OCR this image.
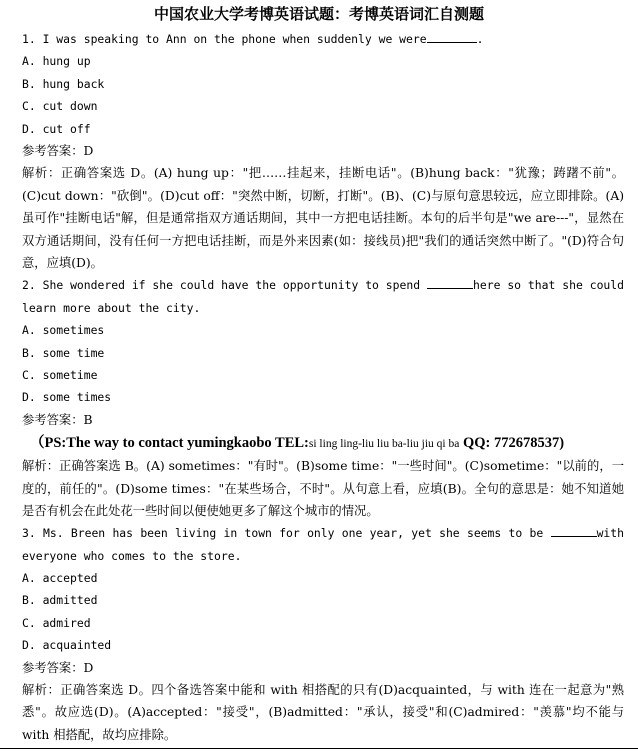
中国农业大学考博英语试题：考博英语词汇自测题
1. I was speaking to Ann on the phone when suddenly we were	.
A. hung up
B. hung back
C. cut down
D. cut off
参考答案：D
解析：正确答案选 D。(A) hung up："把……挂起来，挂断电话"。(B)hung back："犹豫；踌躇不前"。(C)cut down："砍倒"。(D)cut off："突然中断，切断，打断"。(B)、(C)与原句意思较远，应立即排除。(A)虽可作"挂断电话"解，但是通常指双方通话期间，其中一方把电话挂断。本句的后半句是"we are---"，显然在双方通话期间，没有任何一方把电话挂断，而是外来因素(如：接线员)把"我们的通话突然中断了。"(D)符合句意，应填(D)。
2. She wondered if she could have the opportunity to spend	here so that she could learn more about the city.
A. sometimes
B. some time
C. sometime
D. some times
参考答案：B
（PS:The way to contact yumingkaobo TEL:si ling ling-liu liu ba-liu jiu qi ba QQ: 772678537)
解析：正确答案选 B。(A) sometimes："有时"。(B)some time："一些时间"。(C)sometime："以前的，一度的，前任的"。(D)some times："在某些场合，不时"。从句意上看，应填(B)。全句的意思是：她不知道她是否有机会在此处花一些时间以便使她更多了解这个城市的情况。
3. Ms. Breen has been living in town for only one year, yet she seems to be	with everyone who comes to the store.
A. accepted
B. admitted
C. admired
D. acquainted
参考答案：D
解析：正确答案选 D。四个备选答案中能和 with 相搭配的只有(D)acquainted，与 with 连在一起意为"熟悉"。故应选(D)。(A)accepted："接受"，(B)admitted："承认，接受"和(C)admired："羡慕"均不能与 with 相搭配，故均应排除。
